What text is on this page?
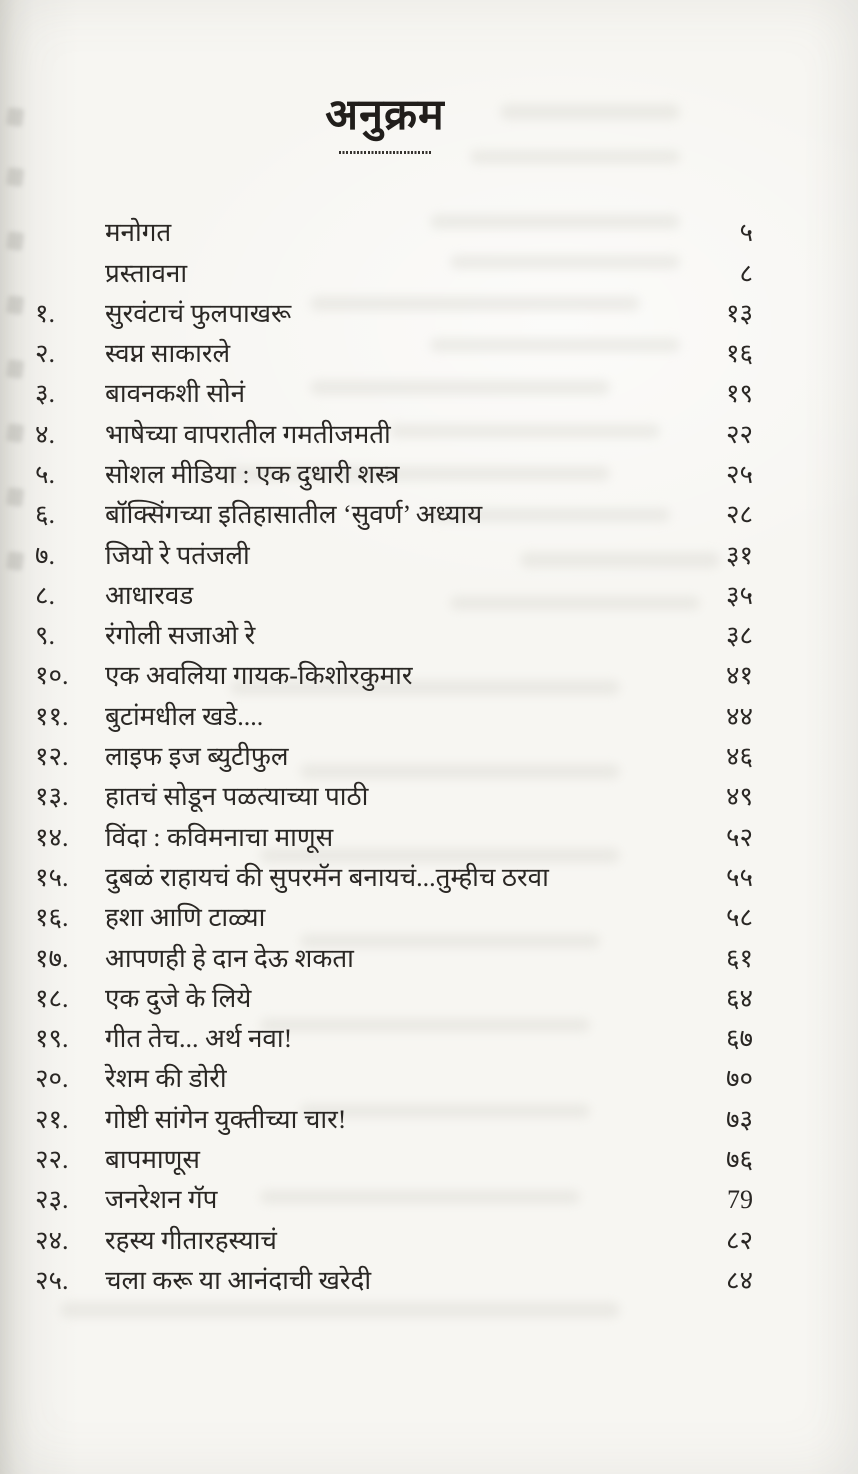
अनुक्रम
मनोगत	५
प्रस्तावना	८
१.	सुरवंटाचं फुलपाखरू	१३
२.	स्वप्न साकारले	१६
३.	बावनकशी सोनं	१९
४.	भाषेच्या वापरातील गमतीजमती	२२
५.	सोशल मीडिया : एक दुधारी शस्त्र	२५
६.	बॉक्सिंगच्या इतिहासातील ‘सुवर्ण’ अध्याय	२८
७.	जियो रे पतंजली	३१
८.	आधारवड	३५
९.	रंगोली सजाओ रे	३८
१०.	एक अवलिया गायक-किशोरकुमार	४१
११.	बुटांमधील खडे....	४४
१२.	लाइफ इज ब्युटीफुल	४६
१३.	हातचं सोडून पळत्याच्या पाठी	४९
१४.	विंदा : कविमनाचा माणूस	५२
१५.	दुबळं राहायचं की सुपरमॅन बनायचं...तुम्हीच ठरवा	५५
१६.	हशा आणि टाळ्या	५८
१७.	आपणही हे दान देऊ शकता	६१
१८.	एक दुजे के लिये	६४
१९.	गीत तेच... अर्थ नवा!	६७
२०.	रेशम की डोरी	७०
२१.	गोष्टी सांगेन युक्तीच्या चार!	७३
२२.	बापमाणूस	७६
२३.	जनरेशन गॅप	79
२४.	रहस्य गीतारहस्याचं	८२
२५.	चला करू या आनंदाची खरेदी	८४
